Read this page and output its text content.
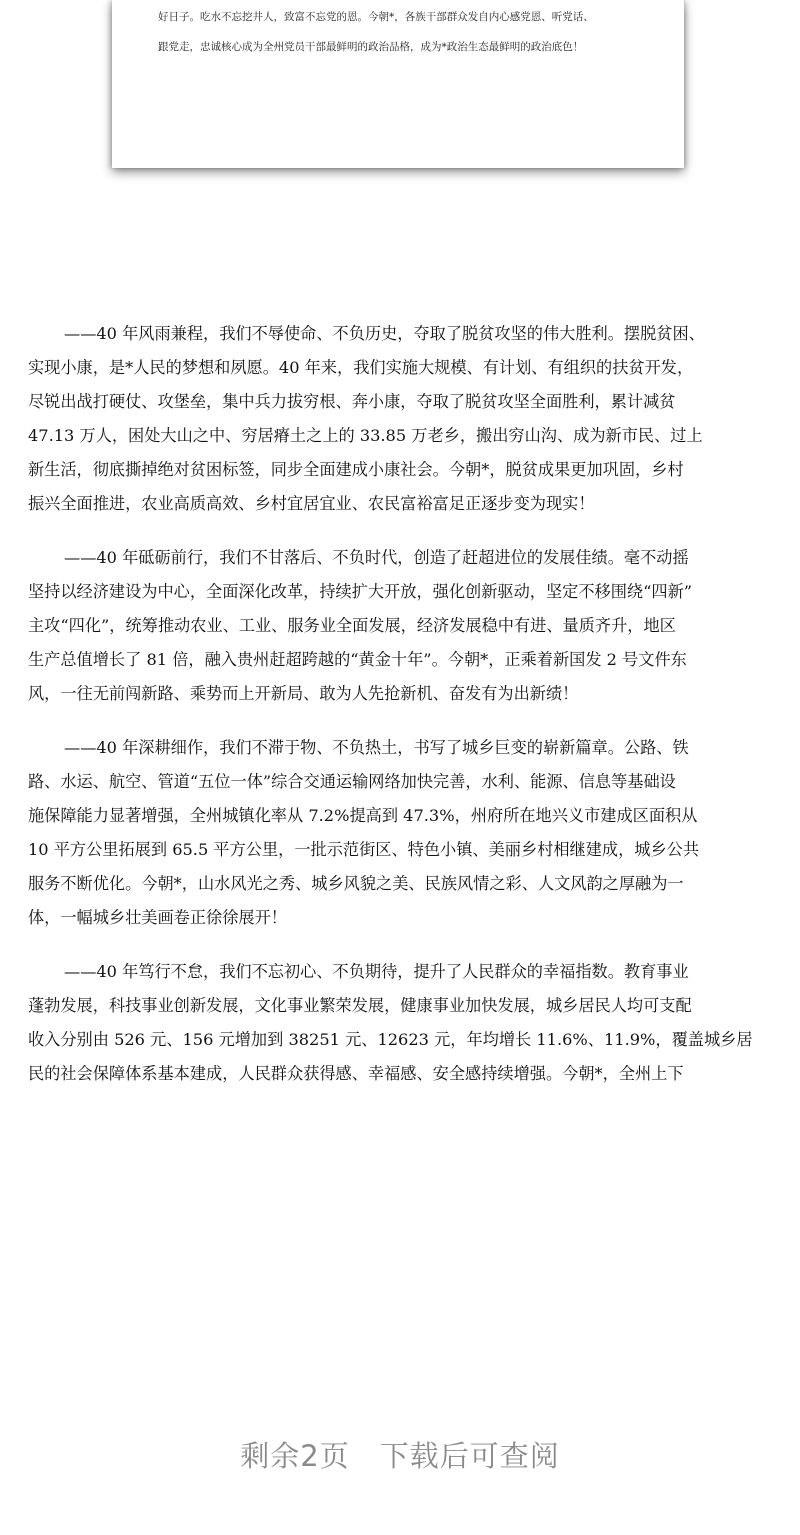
好日子。吃水不忘挖井人，致富不忘党的恩。今朝*，各族干部群众发自内心感党恩、听党话、

跟党走，忠诚核心成为全州党员干部最鲜明的政治品格，成为*政治生态最鲜明的政治底色！

——40 年风雨兼程，我们不辱使命、不负历史，夺取了脱贫攻坚的伟大胜利。摆脱贫困、
实现小康，是*人民的梦想和夙愿。40 年来，我们实施大规模、有计划、有组织的扶贫开发，
尽锐出战打硬仗、攻堡垒，集中兵力拔穷根、奔小康，夺取了脱贫攻坚全面胜利，累计减贫
47.13 万人，困处大山之中、穷居瘠土之上的 33.85 万老乡，搬出穷山沟、成为新市民、过上
新生活，彻底撕掉绝对贫困标签，同步全面建成小康社会。今朝*，脱贫成果更加巩固，乡村
振兴全面推进，农业高质高效、乡村宜居宜业、农民富裕富足正逐步变为现实！
——40 年砥砺前行，我们不甘落后、不负时代，创造了赶超进位的发展佳绩。毫不动摇
坚持以经济建设为中心，全面深化改革，持续扩大开放，强化创新驱动，坚定不移围绕“四新”
主攻“四化”，统筹推动农业、工业、服务业全面发展，经济发展稳中有进、量质齐升，地区
生产总值增长了 81 倍，融入贵州赶超跨越的“黄金十年”。今朝*，正乘着新国发 2 号文件东
风，一往无前闯新路、乘势而上开新局、敢为人先抢新机、奋发有为出新绩！
——40 年深耕细作，我们不滞于物、不负热土，书写了城乡巨变的崭新篇章。公路、铁
路、水运、航空、管道“五位一体”综合交通运输网络加快完善，水利、能源、信息等基础设
施保障能力显著增强，全州城镇化率从 7.2%提高到 47.3%，州府所在地兴义市建成区面积从
10 平方公里拓展到 65.5 平方公里，一批示范街区、特色小镇、美丽乡村相继建成，城乡公共
服务不断优化。今朝*，山水风光之秀、城乡风貌之美、民族风情之彩、人文风韵之厚融为一
体，一幅城乡壮美画卷正徐徐展开！
——40 年笃行不怠，我们不忘初心、不负期待，提升了人民群众的幸福指数。教育事业
蓬勃发展，科技事业创新发展，文化事业繁荣发展，健康事业加快发展，城乡居民人均可支配
收入分别由 526 元、156 元增加到 38251 元、12623 元，年均增长 11.6%、11.9%，覆盖城乡居
民的社会保障体系基本建成，人民群众获得感、幸福感、安全感持续增强。今朝*，全州上下
剩余2页　下载后可查阅
